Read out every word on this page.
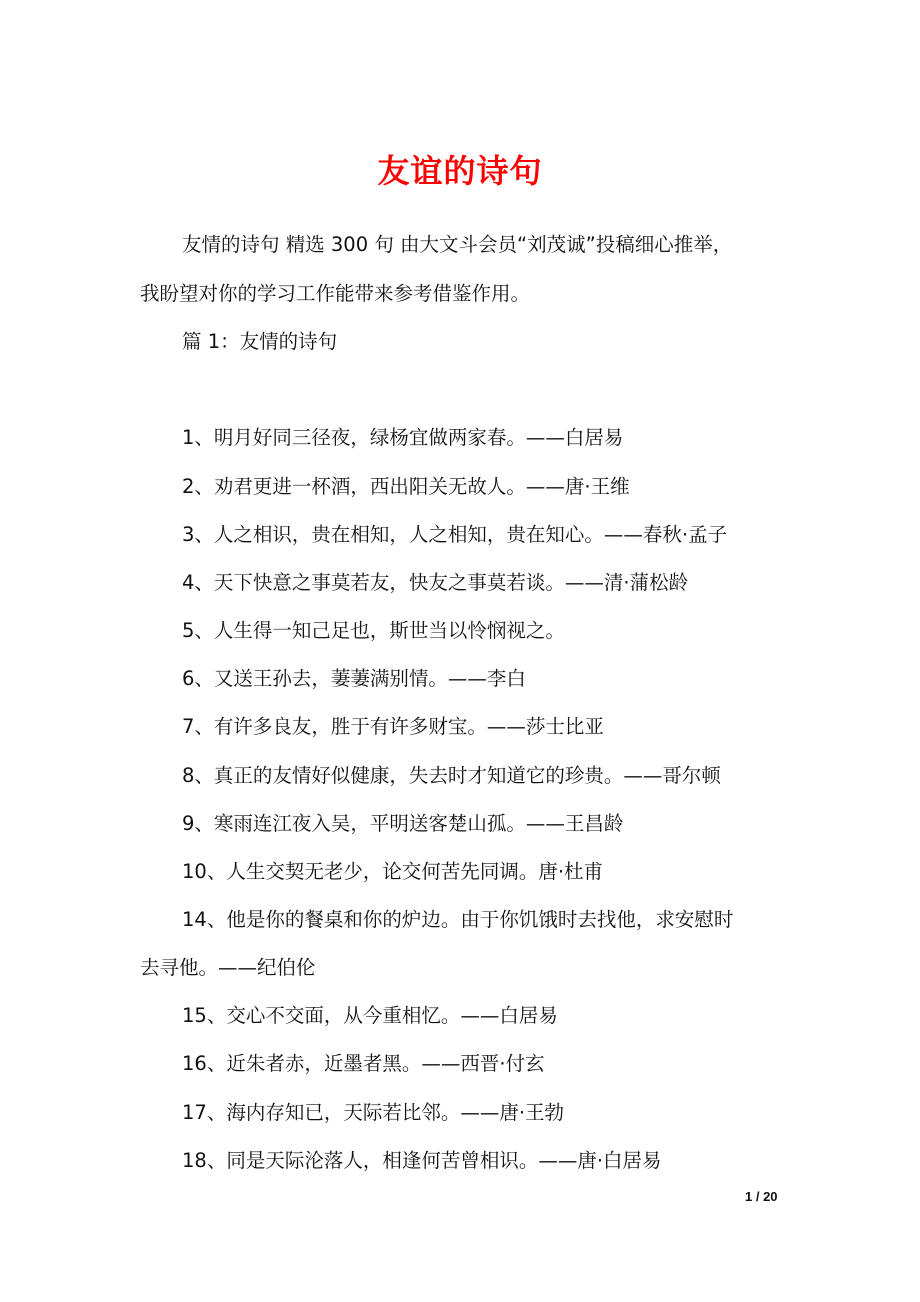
友谊的诗句
友情的诗句 精选 300 句 由大文斗会员“刘茂诚”投稿细心推举，
我盼望对你的学习工作能带来参考借鉴作用。
篇 1：友情的诗句
1、明月好同三径夜，绿杨宜做两家春。——白居易
2、劝君更进一杯酒，西出阳关无故人。——唐·王维
3、人之相识，贵在相知，人之相知，贵在知心。——春秋·孟子
4、天下快意之事莫若友，快友之事莫若谈。——清·蒲松龄
5、人生得一知己足也，斯世当以怜悯视之。
6、又送王孙去，萋萋满别情。——李白
7、有许多良友，胜于有许多财宝。——莎士比亚
8、真正的友情好似健康，失去时才知道它的珍贵。——哥尔顿
9、寒雨连江夜入吴，平明送客楚山孤。——王昌龄
10、人生交契无老少，论交何苦先同调。唐·杜甫
14、他是你的餐桌和你的炉边。由于你饥饿时去找他，求安慰时
去寻他。——纪伯伦
15、交心不交面，从今重相忆。——白居易
16、近朱者赤，近墨者黑。——西晋·付玄
17、海内存知已，天际若比邻。——唐·王勃
18、同是天际沦落人，相逢何苦曾相识。——唐·白居易
1 / 20
